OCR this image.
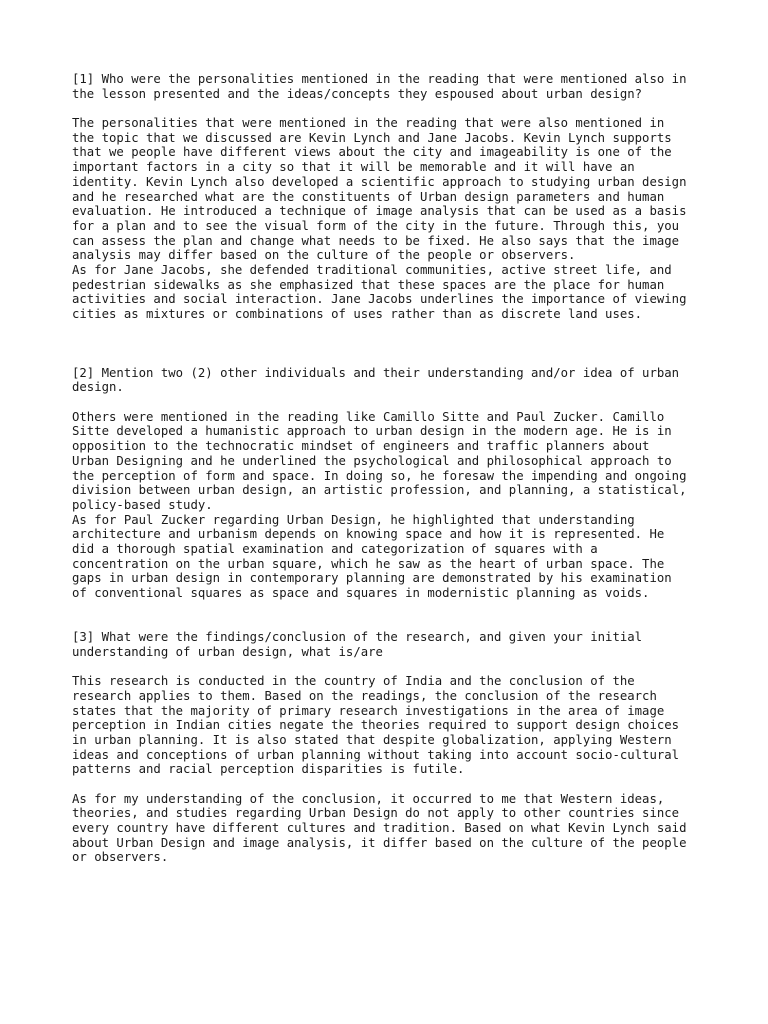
[1] Who were the personalities mentioned in the reading that were mentioned also in
the lesson presented and the ideas/concepts they espoused about urban design?
The personalities that were mentioned in the reading that were also mentioned in
the topic that we discussed are Kevin Lynch and Jane Jacobs. Kevin Lynch supports
that we people have different views about the city and imageability is one of the
important factors in a city so that it will be memorable and it will have an
identity. Kevin Lynch also developed a scientific approach to studying urban design
and he researched what are the constituents of Urban design parameters and human
evaluation. He introduced a technique of image analysis that can be used as a basis
for a plan and to see the visual form of the city in the future. Through this, you
can assess the plan and change what needs to be fixed. He also says that the image
analysis may differ based on the culture of the people or observers.
As for Jane Jacobs, she defended traditional communities, active street life, and
pedestrian sidewalks as she emphasized that these spaces are the place for human
activities and social interaction. Jane Jacobs underlines the importance of viewing
cities as mixtures or combinations of uses rather than as discrete land uses.
[2] Mention two (2) other individuals and their understanding and/or idea of urban
design.
Others were mentioned in the reading like Camillo Sitte and Paul Zucker. Camillo
Sitte developed a humanistic approach to urban design in the modern age. He is in
opposition to the technocratic mindset of engineers and traffic planners about
Urban Designing and he underlined the psychological and philosophical approach to
the perception of form and space. In doing so, he foresaw the impending and ongoing
division between urban design, an artistic profession, and planning, a statistical,
policy-based study.
As for Paul Zucker regarding Urban Design, he highlighted that understanding
architecture and urbanism depends on knowing space and how it is represented. He
did a thorough spatial examination and categorization of squares with a
concentration on the urban square, which he saw as the heart of urban space. The
gaps in urban design in contemporary planning are demonstrated by his examination
of conventional squares as space and squares in modernistic planning as voids.
[3] What were the findings/conclusion of the research, and given your initial
understanding of urban design, what is/are
This research is conducted in the country of India and the conclusion of the
research applies to them. Based on the readings, the conclusion of the research
states that the majority of primary research investigations in the area of image
perception in Indian cities negate the theories required to support design choices
in urban planning. It is also stated that despite globalization, applying Western
ideas and conceptions of urban planning without taking into account socio-cultural
patterns and racial perception disparities is futile.
As for my understanding of the conclusion, it occurred to me that Western ideas,
theories, and studies regarding Urban Design do not apply to other countries since
every country have different cultures and tradition. Based on what Kevin Lynch said
about Urban Design and image analysis, it differ based on the culture of the people
or observers.
